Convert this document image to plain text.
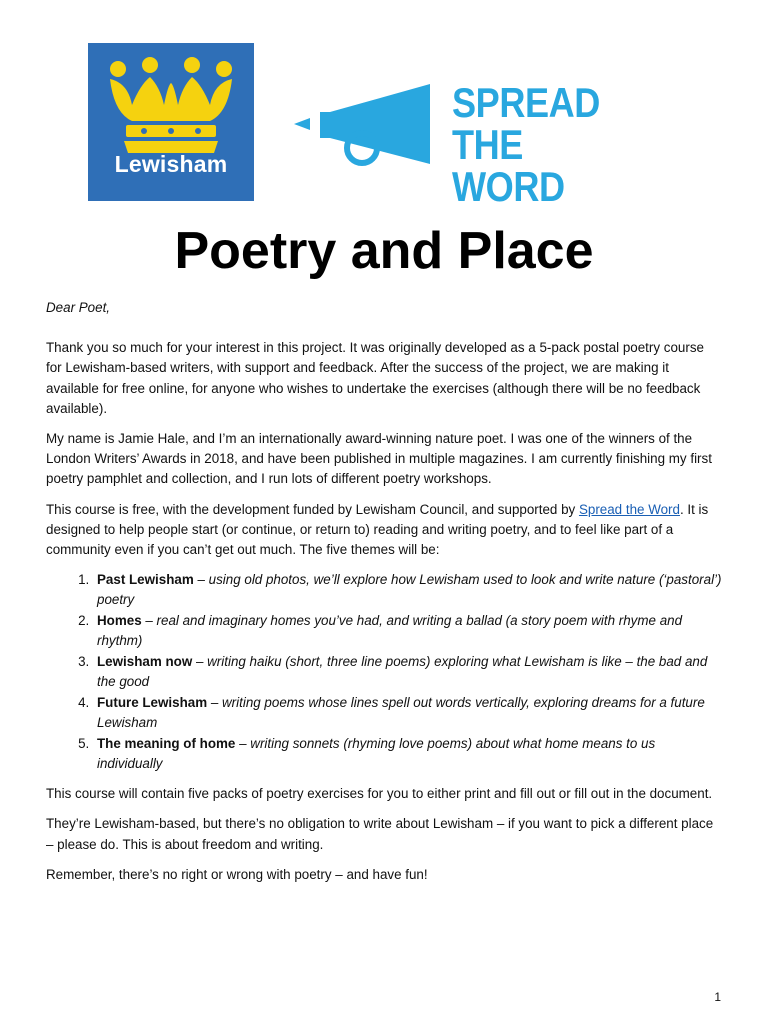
Lewisham
SPREAD
THE WORD
Poetry and Place

Dear Poet,

Thank you so much for your interest in this project. It was originally developed as a 5-pack postal poetry course for Lewisham-based writers, with support and feedback. After the success of the project, we are making it available for free online, for anyone who wishes to undertake the exercises (although there will be no feedback available).

My name is Jamie Hale, and I’m an internationally award-winning nature poet. I was one of the winners of the London Writers’ Awards in 2018, and have been published in multiple magazines. I am currently finishing my first poetry pamphlet and collection, and I run lots of different poetry workshops.

This course is free, with the development funded by Lewisham Council, and supported by Spread the Word. It is designed to help people start (or continue, or return to) reading and writing poetry, and to feel like part of a community even if you can’t get out much. The five themes will be:

1. Past Lewisham – using old photos, we’ll explore how Lewisham used to look and write nature (‘pastoral’) poetry
2. Homes – real and imaginary homes you’ve had, and writing a ballad (a story poem with rhyme and rhythm)
3. Lewisham now – writing haiku (short, three line poems) exploring what Lewisham is like – the bad and the good
4. Future Lewisham – writing poems whose lines spell out words vertically, exploring dreams for a future Lewisham
5. The meaning of home – writing sonnets (rhyming love poems) about what home means to us individually

This course will contain five packs of poetry exercises for you to either print and fill out or fill out in the document.

They’re Lewisham-based, but there’s no obligation to write about Lewisham – if you want to pick a different place – please do. This is about freedom and writing.

Remember, there’s no right or wrong with poetry – and have fun!

1
